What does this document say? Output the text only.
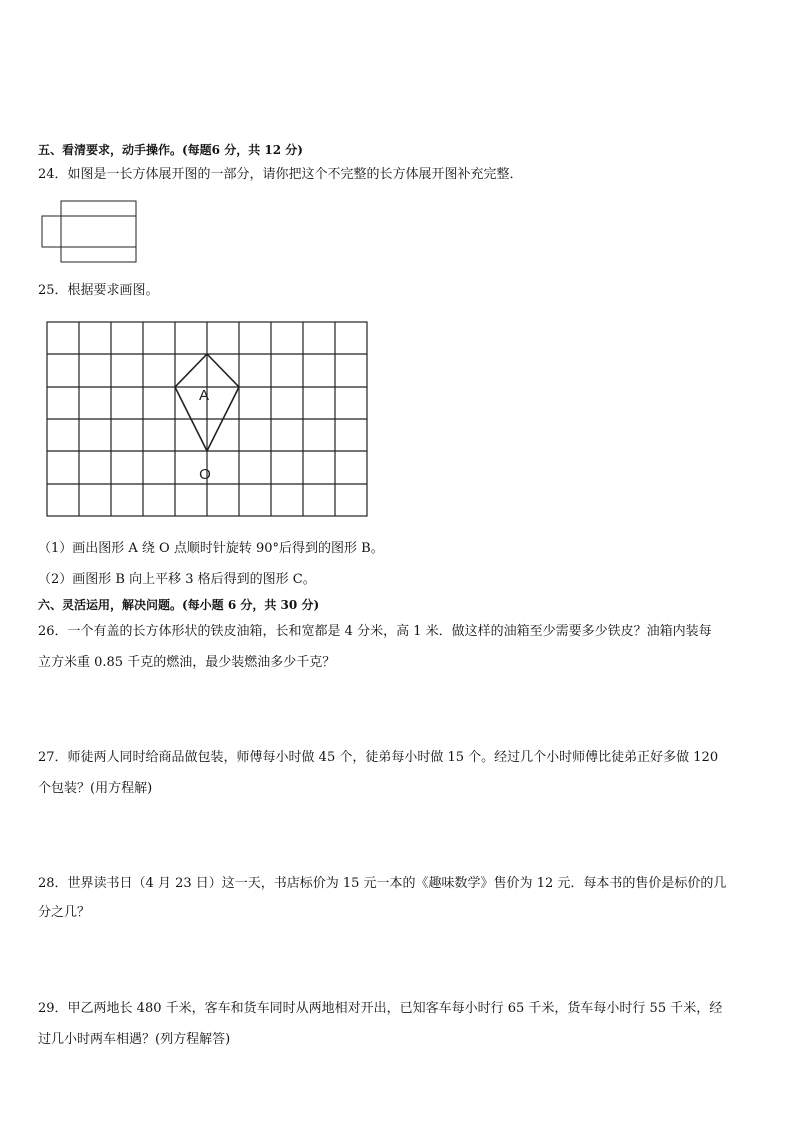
五、看清要求，动手操作。(每题6 分，共 12 分)
24．如图是一长方体展开图的一部分，请你把这个不完整的长方体展开图补充完整．
25．根据要求画图。
A
O
（1）画出图形 A 绕 O 点顺时针旋转 90°后得到的图形 B。
（2）画图形 B 向上平移 3 格后得到的图形 C。
六、灵活运用，解决问题。(每小题 6 分，共 30 分)
26．一个有盖的长方体形状的铁皮油箱，长和宽都是 4 分米，高 1 米．做这样的油箱至少需要多少铁皮？油箱内装每
立方米重 0.85 千克的燃油，最少装燃油多少千克？
27．师徒两人同时给商品做包装，师傅每小时做 45 个，徒弟每小时做 15 个。经过几个小时师傅比徒弟正好多做 120
个包装？(用方程解)
28．世界读书日（4 月 23 日）这一天，书店标价为 15 元一本的《趣味数学》售价为 12 元．每本书的售价是标价的几
分之几？
29．甲乙两地长 480 千米，客车和货车同时从两地相对开出，已知客车每小时行 65 千米，货车每小时行 55 千米，经
过几小时两车相遇？(列方程解答)
